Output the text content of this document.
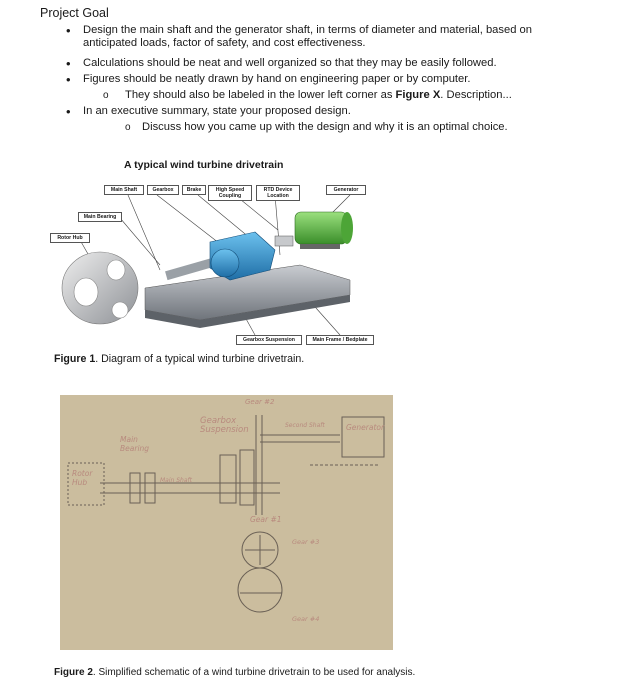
Project Goal
• Design the main shaft and the generator shaft, in terms of diameter and material, based on
anticipated loads, factor of safety, and cost effectiveness.
• Calculations should be neat and well organized so that they may be easily followed.
• Figures should be neatly drawn by hand on engineering paper or by computer.
o They should also be labeled in the lower left corner as Figure X. Description...
• In an executive summary, state your proposed design.
o Discuss how you came up with the design and why it is an optimal choice.
A typical wind turbine drivetrain
Main Shaft	Gearbox	Brake	High Speed Coupling
RTD Device Location
Generator
Main Bearing
Rotor Hub
Gearbox Suspension	Main Frame / Bedplate
Figure 1. Diagram of a typical wind turbine drivetrain.
Gear #2
Gearbox Suspension	Second Shaft	Generator
Main Bearing
Rotor Hub	Main Shaft
Gear #1
Gear #3
Gear #4
Figure 2. Simplified schematic of a wind turbine drivetrain to be used for analysis.
